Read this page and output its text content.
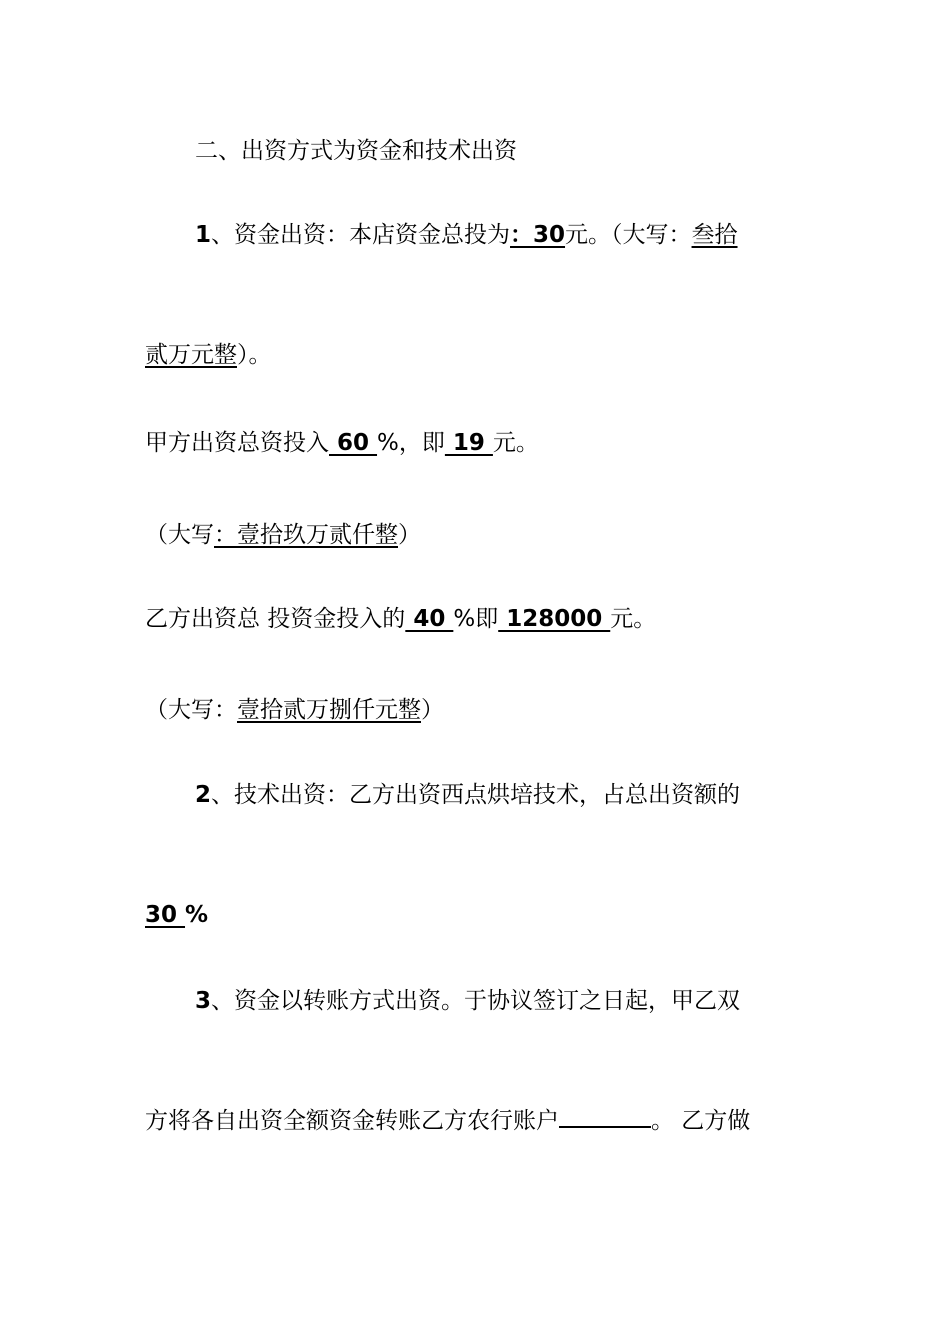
二、出资方式为资金和技术出资
1、资金出资：本店资金总投为：30元。（大写：叁拾
贰万元整）。
甲方出资总资投入 60 %，即 19 元。
（大写：壹拾玖万贰仟整）
乙方出资总 投资金投入的 40 %即 128000 元。
（大写：壹拾贰万捌仟元整）
2、技术出资：乙方出资西点烘培技术，占总出资额的
30 %
3、资金以转账方式出资。于协议签订之日起，甲乙双
方将各自出资全额资金转账乙方农行账户	。 乙方做
